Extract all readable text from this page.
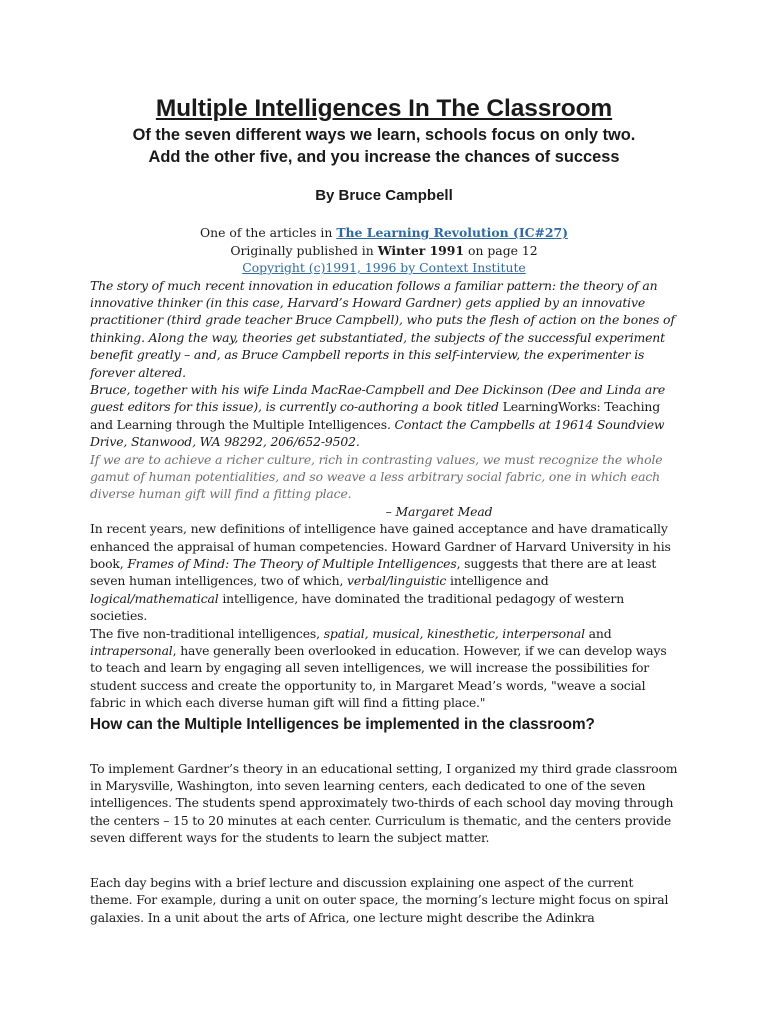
Multiple Intelligences In The Classroom
Of the seven different ways we learn, schools focus on only two.
Add the other five, and you increase the chances of success
By Bruce Campbell
One of the articles in The Learning Revolution (IC#27)
Originally published in Winter 1991 on page 12
Copyright (c)1991, 1996 by Context Institute

The story of much recent innovation in education follows a familiar pattern: the theory of an innovative thinker (in this case, Harvard’s Howard Gardner) gets applied by an innovative practitioner (third grade teacher Bruce Campbell), who puts the flesh of action on the bones of thinking. Along the way, theories get substantiated, the subjects of the successful experiment benefit greatly – and, as Bruce Campbell reports in this self-interview, the experimenter is forever altered.

Bruce, together with his wife Linda MacRae-Campbell and Dee Dickinson (Dee and Linda are guest editors for this issue), is currently co-authoring a book titled LearningWorks: Teaching and Learning through the Multiple Intelligences. Contact the Campbells at 19614 Soundview Drive, Stanwood, WA 98292, 206/652-9502.

If we are to achieve a richer culture, rich in contrasting values, we must recognize the whole gamut of human potentialities, and so weave a less arbitrary social fabric, one in which each diverse human gift will find a fitting place.

– Margaret Mead

In recent years, new definitions of intelligence have gained acceptance and have dramatically enhanced the appraisal of human competencies. Howard Gardner of Harvard University in his book, Frames of Mind: The Theory of Multiple Intelligences, suggests that there are at least seven human intelligences, two of which, verbal/linguistic intelligence and logical/mathematical intelligence, have dominated the traditional pedagogy of western societies.

The five non-traditional intelligences, spatial, musical, kinesthetic, interpersonal and intrapersonal, have generally been overlooked in education. However, if we can develop ways to teach and learn by engaging all seven intelligences, we will increase the possibilities for student success and create the opportunity to, in Margaret Mead’s words, "weave a social fabric in which each diverse human gift will find a fitting place."

How can the Multiple Intelligences be implemented in the classroom?

To implement Gardner’s theory in an educational setting, I organized my third grade classroom in Marysville, Washington, into seven learning centers, each dedicated to one of the seven intelligences. The students spend approximately two-thirds of each school day moving through the centers – 15 to 20 minutes at each center. Curriculum is thematic, and the centers provide seven different ways for the students to learn the subject matter.

Each day begins with a brief lecture and discussion explaining one aspect of the current theme. For example, during a unit on outer space, the morning’s lecture might focus on spiral galaxies. In a unit about the arts of Africa, one lecture might describe the Adinkra
